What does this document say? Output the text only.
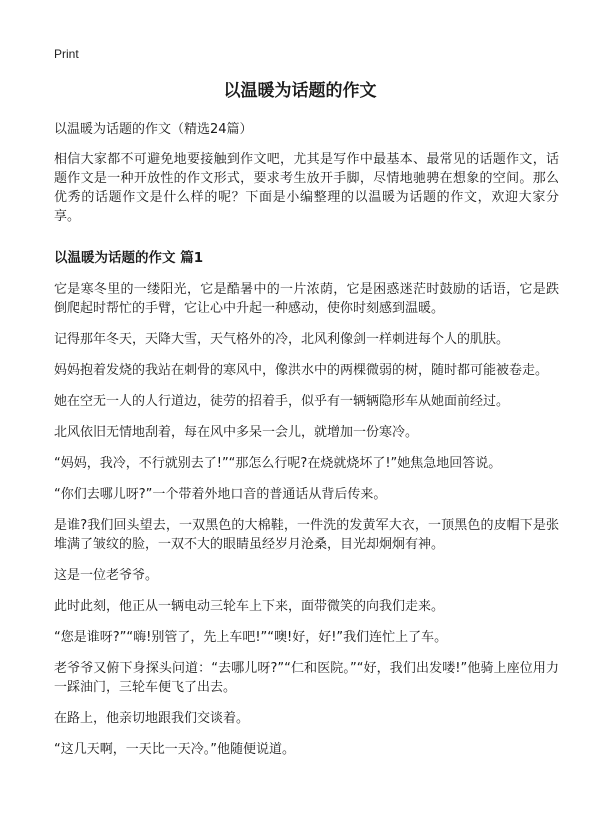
Print
以温暖为话题的作文
以温暖为话题的作文（精选24篇）

相信大家都不可避免地要接触到作文吧，尤其是写作中最基本、最常见的话题作文，话题作文是一种开放性的作文形式，要求考生放开手脚，尽情地驰骋在想象的空间。那么优秀的话题作文是什么样的呢？下面是小编整理的以温暖为话题的作文，欢迎大家分享。

以温暖为话题的作文 篇1

它是寒冬里的一缕阳光，它是酷暑中的一片浓荫，它是困惑迷茫时鼓励的话语，它是跌倒爬起时帮忙的手臂，它让心中升起一种感动，使你时刻感到温暖。

记得那年冬天，天降大雪，天气格外的冷，北风利像剑一样刺进每个人的肌肤。

妈妈抱着发烧的我站在刺骨的寒风中，像洪水中的两棵微弱的树，随时都可能被卷走。

她在空无一人的人行道边，徒劳的招着手，似乎有一辆辆隐形车从她面前经过。

北风依旧无情地刮着，每在风中多呆一会儿，就增加一份寒冷。

“妈妈，我冷，不行就别去了!”“那怎么行呢?在烧就烧坏了!”她焦急地回答说。

“你们去哪儿呀?”一个带着外地口音的普通话从背后传来。

是谁?我们回头望去，一双黑色的大棉鞋，一件洗的发黄军大衣，一顶黑色的皮帽下是张堆满了皱纹的脸，一双不大的眼睛虽经岁月沧桑，目光却炯炯有神。

这是一位老爷爷。

此时此刻，他正从一辆电动三轮车上下来，面带微笑的向我们走来。

“您是谁呀?”“嗨!别管了，先上车吧!”“噢!好，好!”我们连忙上了车。

老爷爷又俯下身探头问道：“去哪儿呀?”“仁和医院。”“好，我们出发喽!”他骑上座位用力一踩油门，三轮车便飞了出去。

在路上，他亲切地跟我们交谈着。

“这几天啊，一天比一天冷。”他随便说道。
